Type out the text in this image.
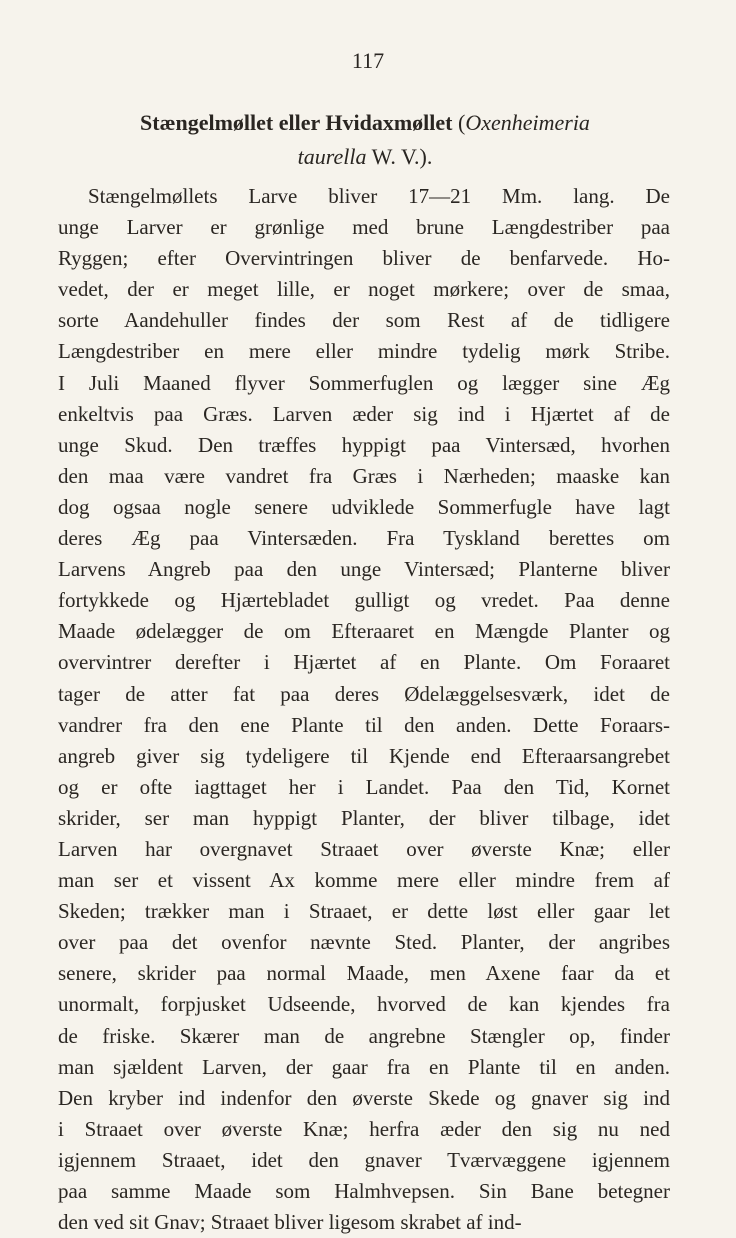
117
Stængelmøllet eller Hvidaxmøllet (Oxenheimeria
taurella W. V.).
Stængelmøllets Larve bliver 17—21 Mm. lang. De
unge Larver er grønlige med brune Længdestriber paa
Ryggen; efter Overvintringen bliver de benfarvede. Ho-
vedet, der er meget lille, er noget mørkere; over de smaa,
sorte Aandehuller findes der som Rest af de tidligere
Længdestriber en mere eller mindre tydelig mørk Stribe.
I Juli Maaned flyver Sommerfuglen og lægger sine Æg
enkeltvis paa Græs. Larven æder sig ind i Hjærtet af de
unge Skud. Den træffes hyppigt paa Vintersæd, hvorhen
den maa være vandret fra Græs i Nærheden; maaske kan
dog ogsaa nogle senere udviklede Sommerfugle have lagt
deres Æg paa Vintersæden. Fra Tyskland berettes om
Larvens Angreb paa den unge Vintersæd; Planterne bliver
fortykkede og Hjærtebladet gulligt og vredet. Paa denne
Maade ødelægger de om Efteraaret en Mængde Planter og
overvintrer derefter i Hjærtet af en Plante. Om Foraaret
tager de atter fat paa deres Ødelæggelsesværk, idet de
vandrer fra den ene Plante til den anden. Dette Foraars-
angreb giver sig tydeligere til Kjende end Efteraarsangrebet
og er ofte iagttaget her i Landet. Paa den Tid, Kornet
skrider, ser man hyppigt Planter, der bliver tilbage, idet
Larven har overgnavet Straaet over øverste Knæ; eller
man ser et vissent Ax komme mere eller mindre frem af
Skeden; trækker man i Straaet, er dette løst eller gaar let
over paa det ovenfor nævnte Sted. Planter, der angribes
senere, skrider paa normal Maade, men Axene faar da et
unormalt, forpjusket Udseende, hvorved de kan kjendes fra
de friske. Skærer man de angrebne Stængler op, finder
man sjældent Larven, der gaar fra en Plante til en anden.
Den kryber ind indenfor den øverste Skede og gnaver sig ind
i Straaet over øverste Knæ; herfra æder den sig nu ned
igjennem Straaet, idet den gnaver Tværvæggene igjennem
paa samme Maade som Halmhvepsen. Sin Bane betegner
den ved sit Gnav; Straaet bliver ligesom skrabet af ind-
